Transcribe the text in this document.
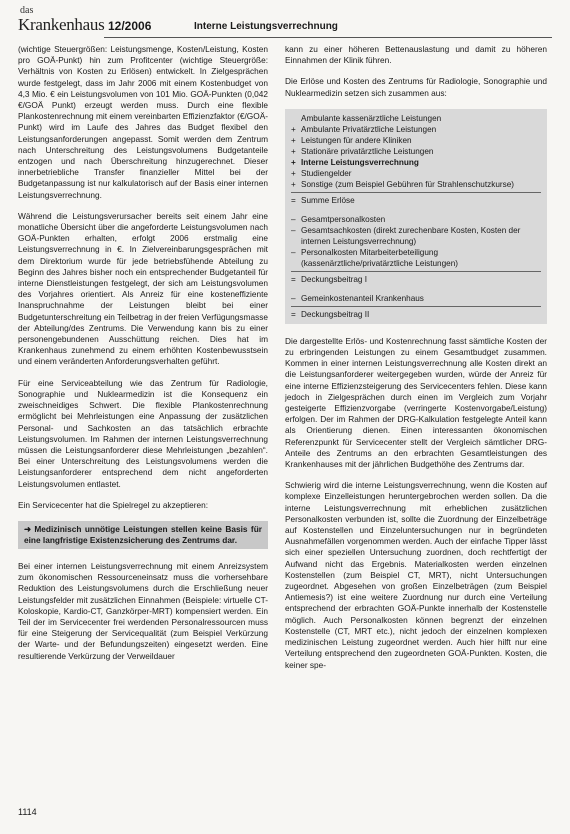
das
Krankenhaus 12/2006	Interne Leistungsverrechnung

(wichtige Steuergrößen: Leistungsmenge, Kosten/Leistung, Kosten pro GOÄ-Punkt) hin zum Profitcenter (wichtige Steuergröße: Verhältnis von Kosten zu Erlösen) entwickelt. In Zielgesprächen wurde festgelegt, dass im Jahr 2006 mit einem Kostenbudget von 4,3 Mio. € ein Leistungsvolumen von 101 Mio. GOÄ-Punkten (0,042 €/GOÄ Punkt) erzeugt werden muss. Durch eine flexible Plankostenrechnung mit einem vereinbarten Effizienzfaktor (€/GOÄ-Punkt) wird im Laufe des Jahres das Budget flexibel den Leistungsanforderungen angepasst. Somit werden dem Zentrum nach Unterschreitung des Leistungsvolumens Budgetanteile entzogen und nach Überschreitung hinzugerechnet. Dieser innerbetriebliche Transfer finanzieller Mittel bei der Budgetanpassung ist nur kalkulatorisch auf der Basis einer internen Leistungsverrechnung.

Während die Leistungsverursacher bereits seit einem Jahr eine monatliche Übersicht über die angeforderte Leistungsvolumen nach GOÄ-Punkten erhalten, erfolgt 2006 erstmalig eine Leistungsverrechnung in €. In Zielvereinbarungsgesprächen mit dem Direktorium wurde für jede betriebsfühende Abteilung zu Beginn des Jahres bisher noch ein entsprechender Budgetanteil für interne Dienstleistungen festgelegt, der sich am Leistungsvolumen des Vorjahres orientiert. Als Anreiz für eine kosteneffiziente Inanspruchnahme der Leistungen bleibt bei einer Budgetunterschreitung ein Teilbetrag in der freien Verfügungsmasse der Abteilung/des Zentrums. Die Verwendung kann bis zu einer personengebundenen Ausschüttung reichen. Dies hat im Krankenhaus zunehmend zu einem erhöhten Kostenbewusstsein und einem veränderten Anforderungsverhalten geführt.

Für eine Serviceabteilung wie das Zentrum für Radiologie, Sonographie und Nuklearmedizin ist die Konsequenz ein zweischneidiges Schwert. Die flexible Plankostenrechnung ermöglicht bei Mehrleistungen eine Anpassung der zusätzlichen Personal- und Sachkosten an das tatsächlich erbrachte Leistungsvolumen. Im Rahmen der internen Leistungsverrechnung müssen die Leistungsanforderer diese Mehrleistungen „bezahlen“. Bei einer Unterschreitung des Leistungsvolumens werden die Leistungsanforderer entsprechend dem nicht angeforderten Leistungsvolumen entlastet.

Ein Servicecenter hat die Spielregel zu akzeptieren:

➜ Medizinisch unnötige Leistungen stellen keine Basis für eine langfristige Existenzsicherung des Zentrums dar.

Bei einer internen Leistungsverrechnung mit einem Anreizsystem zum ökonomischen Ressourceneinsatz muss die vorhersehbare Reduktion des Leistungsvolumens durch die Erschließung neuer Leistungsfelder mit zusätzlichen Einnahmen (Beispiele: virtuelle CT-Koloskopie, Kardio-CT, Ganzkörper-MRT) kompensiert werden. Ein Teil der im Servicecenter frei werdenden Personalressourcen muss für eine Steigerung der Servicequalität (zum Beispiel Verkürzung der Warte- und der Befundungszeiten) eingesetzt werden. Eine resultierende Verkürzung der Verweildauer

kann zu einer höheren Bettenauslastung und damit zu höheren Einnahmen der Klinik führen.

Die Erlöse und Kosten des Zentrums für Radiologie, Sonographie und Nuklearmedizin setzen sich zusammen aus:

Ambulante kassenärztliche Leistungen
+ Ambulante Privatärztliche Leistungen
+ Leistungen für andere Kliniken
+ Stationäre privatärztliche Leistungen
+ Interne Leistungsverrechnung
+ Studiengelder
+ Sonstige (zum Beispiel Gebühren für Strahlenschutzkurse)
= Summe Erlöse
– Gesamtpersonalkosten
– Gesamtsachkosten (direkt zurechenbare Kosten, Kosten der internen Leistungsverrechnung)
– Personalkosten Mitarbeiterbeteiligung (kassenärztliche/privatärztliche Leistungen)
= Deckungsbeitrag I
– Gemeinkostenanteil Krankenhaus
= Deckungsbeitrag II

Die dargestellte Erlös- und Kostenrechnung fasst sämtliche Kosten der zu erbringenden Leistungen zu einem Gesamtbudget zusammen. Kommen in einer internen Leistungsverrechnung alle Kosten direkt an die Leistungsanforderer weitergegeben wurden, würde der Anreiz für eine interne Effizienzsteigerung des Servicecenters fehlen. Diese kann jedoch in Zielgesprächen durch einen im Vergleich zum Vorjahr gesteigerte Effizienzvorgabe (verringerte Kostenvorgabe/Leistung) erfolgen. Der im Rahmen der DRG-Kalkulation festgelegte Anteil kann als Orientierung dienen. Einen interessanten ökonomischen Referenzpunkt für Servicecenter stellt der Vergleich sämtlicher DRG-Anteile des Zentrums an den erbrachten Gesamtleistungen des Krankenhauses mit der jährlichen Budgethöhe des Zentrums dar.

Schwierig wird die interne Leistungsverrechnung, wenn die Kosten auf komplexe Einzelleistungen heruntergebrochen werden sollen. Da die interne Leistungsverrechnung mit erheblichen zusätzlichen Personalkosten verbunden ist, sollte die Zuordnung der Einzelbeträge auf Kostenstellen und Einzeluntersuchungen nur in begründeten Ausnahmefällen vorgenommen werden. Auch der einfache Tipper lässt sich einer speziellen Untersuchung zuordnen, doch rechtfertigt der Aufwand nicht das Ergebnis. Materialkosten werden einzelnen Kostenstellen (zum Beispiel CT, MRT), nicht Untersuchungen zugeordnet. Abgesehen von großen Einzelbeträgen (zum Beispiel Antiemesis?) ist eine weitere Zuordnung nur durch eine Verteilung entsprechend der erbrachten GOÄ-Punkte innerhalb der Kostenstelle möglich. Auch Personalkosten können begrenzt der einzelnen Kostenstelle (CT, MRT etc.), nicht jedoch der einzelnen komplexen medizinischen Leistung zugeordnet werden. Auch hier hilft nur eine Verteilung entsprechend den zugeordneten GOÄ-Punkten. Kosten, die keiner spe-

1114
